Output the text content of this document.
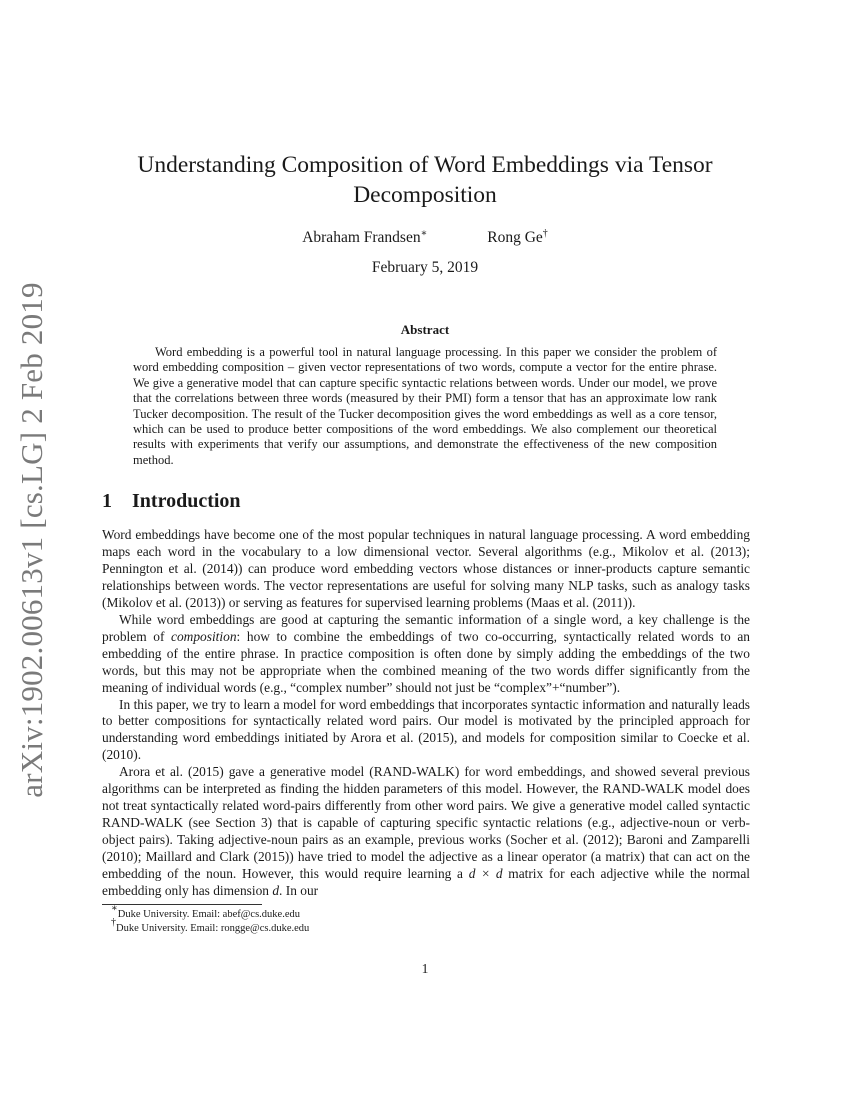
arXiv:1902.00613v1 [cs.LG] 2 Feb 2019
Understanding Composition of Word Embeddings via Tensor
Decomposition
Abraham Frandsen∗	Rong Ge†
February 5, 2019
Abstract

Word embedding is a powerful tool in natural language processing. In this paper we consider the problem of word embedding composition – given vector representations of two words, compute a vector for the entire phrase. We give a generative model that can capture specific syntactic relations between words. Under our model, we prove that the correlations between three words (measured by their PMI) form a tensor that has an approximate low rank Tucker decomposition. The result of the Tucker decomposition gives the word embeddings as well as a core tensor, which can be used to produce better compositions of the word embeddings. We also complement our theoretical results with experiments that verify our assumptions, and demonstrate the effectiveness of the new composition method.

1 Introduction

Word embeddings have become one of the most popular techniques in natural language processing. A word embedding maps each word in the vocabulary to a low dimensional vector. Several algorithms (e.g., Mikolov et al. (2013); Pennington et al. (2014)) can produce word embedding vectors whose distances or inner-products capture semantic relationships between words. The vector representations are useful for solving many NLP tasks, such as analogy tasks (Mikolov et al. (2013)) or serving as features for supervised learning problems (Maas et al. (2011)).

While word embeddings are good at capturing the semantic information of a single word, a key challenge is the problem of composition: how to combine the embeddings of two co-occurring, syntactically related words to an embedding of the entire phrase. In practice composition is often done by simply adding the embeddings of the two words, but this may not be appropriate when the combined meaning of the two words differ significantly from the meaning of individual words (e.g., “complex number” should not just be “complex”+“number”).

In this paper, we try to learn a model for word embeddings that incorporates syntactic information and naturally leads to better compositions for syntactically related word pairs. Our model is motivated by the principled approach for understanding word embeddings initiated by Arora et al. (2015), and models for composition similar to Coecke et al. (2010).

Arora et al. (2015) gave a generative model (RAND-WALK) for word embeddings, and showed several previous algorithms can be interpreted as finding the hidden parameters of this model. However, the RAND-WALK model does not treat syntactically related word-pairs differently from other word pairs. We give a generative model called syntactic RAND-WALK (see Section 3) that is capable of capturing specific syntactic relations (e.g., adjective-noun or verb-object pairs). Taking adjective-noun pairs as an example, previous works (Socher et al. (2012); Baroni and Zamparelli (2010); Maillard and Clark (2015)) have tried to model the adjective as a linear operator (a matrix) that can act on the embedding of the noun. However, this would require learning a d × d matrix for each adjective while the normal embedding only has dimension d. In our

∗Duke University. Email: abef@cs.duke.edu
†Duke University. Email: rongge@cs.duke.edu
1
